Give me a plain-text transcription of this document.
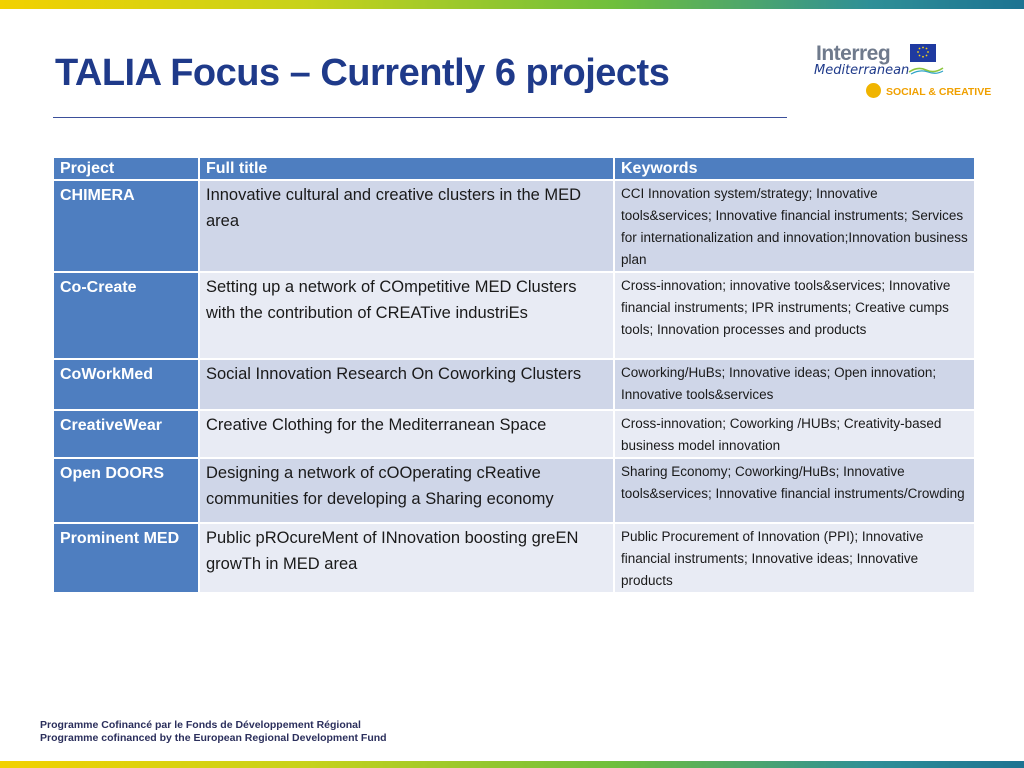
TALIA Focus – Currently 6 projects	Interreg
Mediterranean
SOCIAL & CREATIVE
Project	Full title	Keywords
CHIMERA	Innovative cultural and creative clusters in the MED area	CCI Innovation system/strategy; Innovative tools&services; Innovative financial instruments; Services for internationalization and innovation;Innovation business plan
Co-Create	Setting up a network of COmpetitive MED Clusters with the contribution of CREATive industriEs	Cross-innovation; innovative tools&services; Innovative financial instruments; IPR instruments; Creative cumps tools; Innovation processes and products
CoWorkMed	Social Innovation Research On Coworking Clusters	Coworking/HuBs; Innovative ideas; Open innovation; Innovative tools&services
CreativeWear	Creative Clothing for the Mediterranean Space	Cross-innovation; Coworking /HUBs; Creativity-based business model innovation
Open DOORS	Designing a network of cOOperating cReative communities for developing a Sharing economy	Sharing Economy; Coworking/HuBs; Innovative tools&services; Innovative financial instruments/Crowding
Prominent MED	Public pROcureMent of INnovation boosting greEN growTh in MED area	Public Procurement of Innovation (PPI); Innovative financial instruments; Innovative ideas; Innovative products
Programme Cofinancé par le Fonds de Développement Régional
Programme cofinanced by the European Regional Development Fund
